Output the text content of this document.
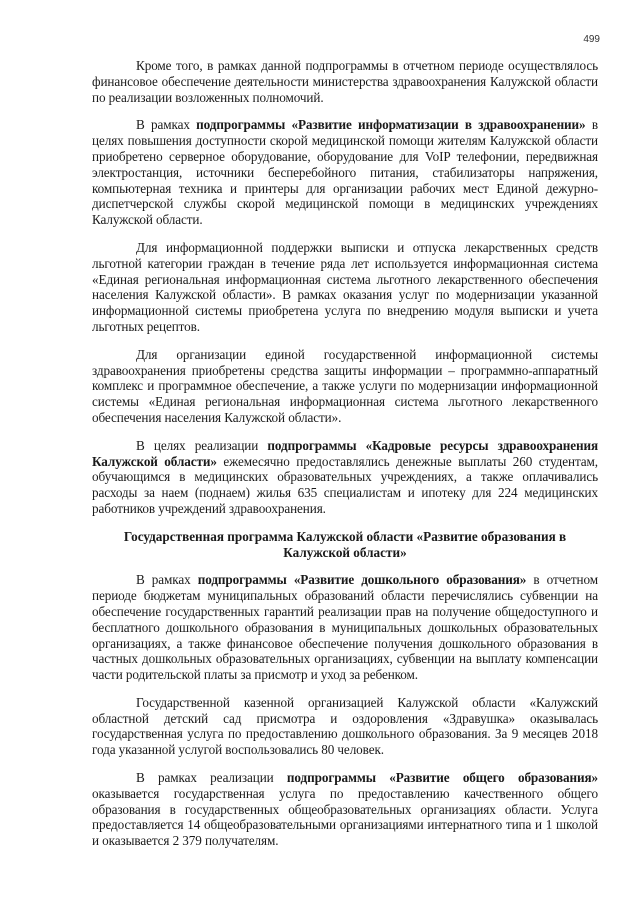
499

Кроме того, в рамках данной подпрограммы в отчетном периоде осуществлялось финансовое обеспечение деятельности министерства здравоохранения Калужской области по реализации возложенных полномочий.

В рамках подпрограммы «Развитие информатизации в здравоохранении» в целях повышения доступности скорой медицинской помощи жителям Калужской области приобретено серверное оборудование, оборудование для VoIP телефонии, передвижная электростанция, источники бесперебойного питания, стабилизаторы напряжения, компьютерная техника и принтеры для организации рабочих мест Единой дежурно-диспетчерской службы скорой медицинской помощи в медицинских учреждениях Калужской области.

Для информационной поддержки выписки и отпуска лекарственных средств льготной категории граждан в течение ряда лет используется информационная система «Единая региональная информационная система льготного лекарственного обеспечения населения Калужской области». В рамках оказания услуг по модернизации указанной информационной системы приобретена услуга по внедрению модуля выписки и учета льготных рецептов.

Для организации единой государственной информационной системы здравоохранения приобретены средства защиты информации – программно-аппаратный комплекс и программное обеспечение, а также услуги по модернизации информационной системы «Единая региональная информационная система льготного лекарственного обеспечения населения Калужской области».

В целях реализации подпрограммы «Кадровые ресурсы здравоохранения Калужской области» ежемесячно предоставлялись денежные выплаты 260 студентам, обучающимся в медицинских образовательных учреждениях, а также оплачивались расходы за наем (поднаем) жилья 635 специалистам и ипотеку для 224 медицинских работников учреждений здравоохранения.

Государственная программа Калужской области «Развитие образования в Калужской области»

В рамках подпрограммы «Развитие дошкольного образования» в отчетном периоде бюджетам муниципальных образований области перечислялись субвенции на обеспечение государственных гарантий реализации прав на получение общедоступного и бесплатного дошкольного образования в муниципальных дошкольных образовательных организациях, а также финансовое обеспечение получения дошкольного образования в частных дошкольных образовательных организациях, субвенции на выплату компенсации части родительской платы за присмотр и уход за ребенком.

Государственной казенной организацией Калужской области «Калужский областной детский сад присмотра и оздоровления «Здравушка» оказывалась государственная услуга по предоставлению дошкольного образования. За 9 месяцев 2018 года указанной услугой воспользовались 80 человек.

В рамках реализации подпрограммы «Развитие общего образования» оказывается государственная услуга по предоставлению качественного общего образования в государственных общеобразовательных организациях области. Услуга предоставляется 14 общеобразовательными организациями интернатного типа и 1 школой и оказывается 2 379 получателям.
